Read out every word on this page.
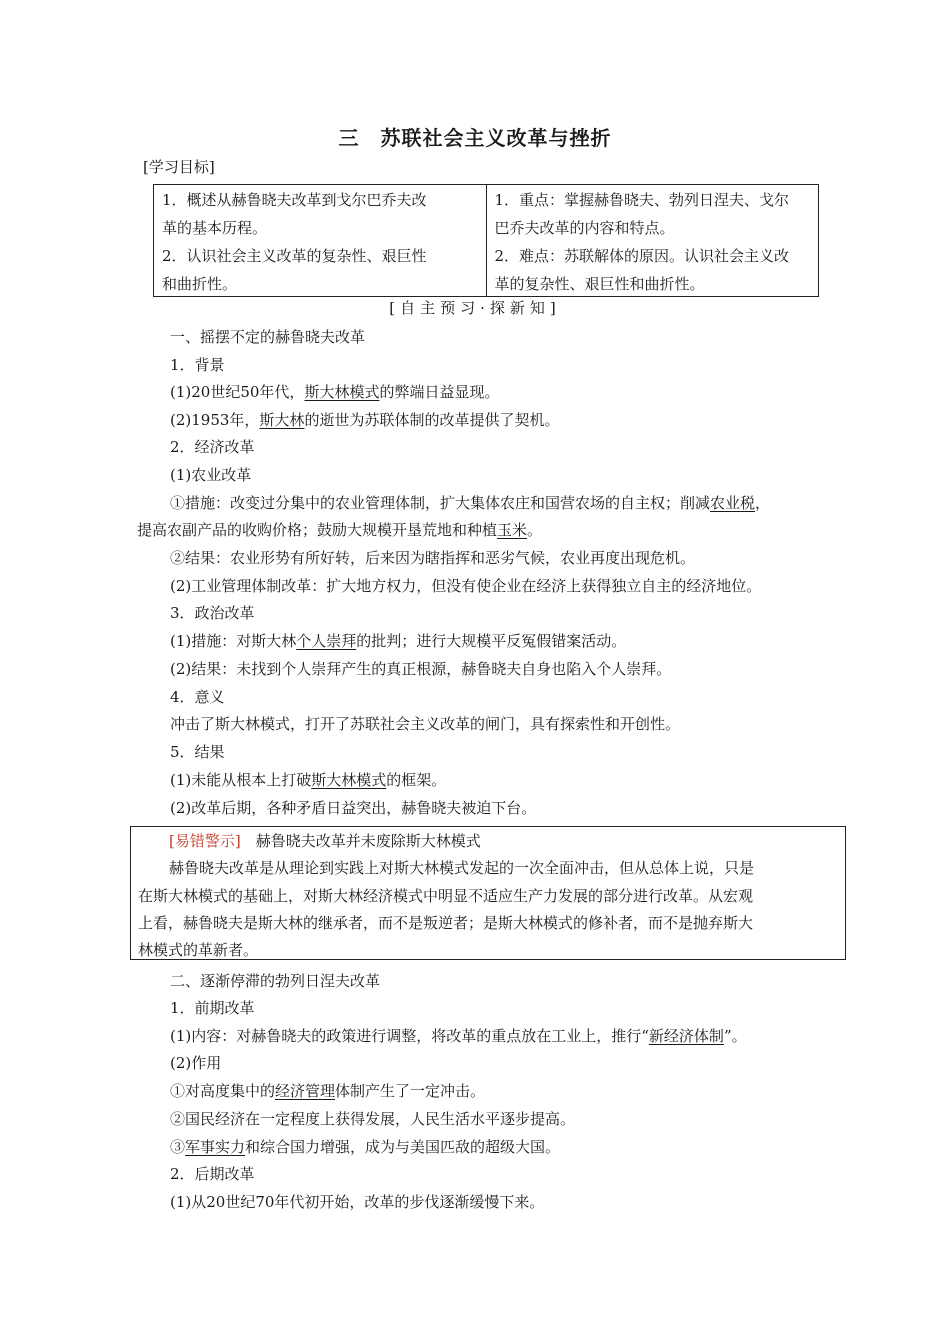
三　苏联社会主义改革与挫折
[学习目标]
1．概述从赫鲁晓夫改革到戈尔巴乔夫改
革的基本历程。
2．认识社会主义改革的复杂性、艰巨性
和曲折性。
1．重点：掌握赫鲁晓夫、勃列日涅夫、戈尔
巴乔夫改革的内容和特点。
2．难点：苏联解体的原因。认识社会主义改
革的复杂性、艰巨性和曲折性。
[自主预习·探新知]
一、摇摆不定的赫鲁晓夫改革
1．背景
(1)20世纪50年代，斯大林模式的弊端日益显现。
(2)1953年，斯大林的逝世为苏联体制的改革提供了契机。
2．经济改革
(1)农业改革
①措施：改变过分集中的农业管理体制，扩大集体农庄和国营农场的自主权；削减农业税，
提高农副产品的收购价格；鼓励大规模开垦荒地和种植玉米。
②结果：农业形势有所好转，后来因为瞎指挥和恶劣气候，农业再度出现危机。
(2)工业管理体制改革：扩大地方权力，但没有使企业在经济上获得独立自主的经济地位。
3．政治改革
(1)措施：对斯大林个人崇拜的批判；进行大规模平反冤假错案活动。
(2)结果：未找到个人崇拜产生的真正根源，赫鲁晓夫自身也陷入个人崇拜。
4．意义
冲击了斯大林模式，打开了苏联社会主义改革的闸门，具有探索性和开创性。
5．结果
(1)未能从根本上打破斯大林模式的框架。
(2)改革后期，各种矛盾日益突出，赫鲁晓夫被迫下台。
[易错警示]　 赫鲁晓夫改革并未废除斯大林模式
赫鲁晓夫改革是从理论到实践上对斯大林模式发起的一次全面冲击，但从总体上说，只是
在斯大林模式的基础上，对斯大林经济模式中明显不适应生产力发展的部分进行改革。从宏观
上看，赫鲁晓夫是斯大林的继承者，而不是叛逆者；是斯大林模式的修补者，而不是抛弃斯大
林模式的革新者。
二、逐渐停滞的勃列日涅夫改革
1．前期改革
(1)内容：对赫鲁晓夫的政策进行调整，将改革的重点放在工业上，推行“新经济体制”。
(2)作用
①对高度集中的经济管理体制产生了一定冲击。
②国民经济在一定程度上获得发展，人民生活水平逐步提高。
③军事实力和综合国力增强，成为与美国匹敌的超级大国。
2．后期改革
(1)从20世纪70年代初开始，改革的步伐逐渐缓慢下来。
